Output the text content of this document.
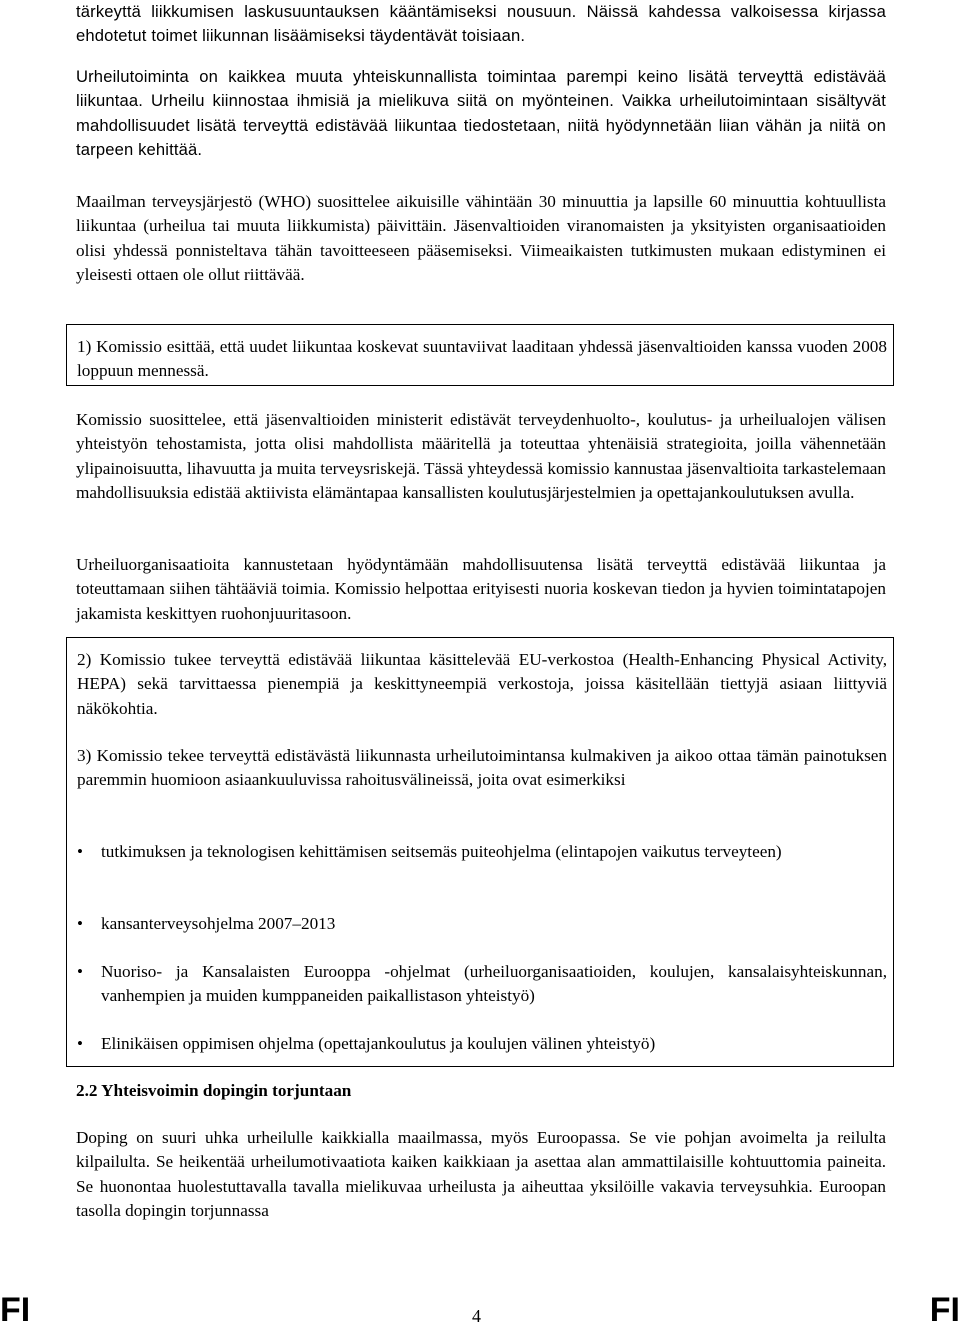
tärkeyttä liikkumisen laskusuuntauksen kääntämiseksi nousuun. Näissä kahdessa valkoisessa kirjassa ehdotetut toimet liikunnan lisäämiseksi täydentävät toisiaan.

Urheilutoiminta on kaikkea muuta yhteiskunnallista toimintaa parempi keino lisätä terveyttä edistävää liikuntaa. Urheilu kiinnostaa ihmisiä ja mielikuva siitä on myönteinen. Vaikka urheilutoimintaan sisältyvät mahdollisuudet lisätä terveyttä edistävää liikuntaa tiedostetaan, niitä hyödynnetään liian vähän ja niitä on tarpeen kehittää.

Maailman terveysjärjestö (WHO) suosittelee aikuisille vähintään 30 minuuttia ja lapsille 60 minuuttia kohtuullista liikuntaa (urheilua tai muuta liikkumista) päivittäin. Jäsenvaltioiden viranomaisten ja yksityisten organisaatioiden olisi yhdessä ponnisteltava tähän tavoitteeseen pääsemiseksi. Viimeaikaisten tutkimusten mukaan edistyminen ei yleisesti ottaen ole ollut riittävää.

1) Komissio esittää, että uudet liikuntaa koskevat suuntaviivat laaditaan yhdessä jäsenvaltioiden kanssa vuoden 2008 loppuun mennessä.

Komissio suosittelee, että jäsenvaltioiden ministerit edistävät terveydenhuolto-, koulutus- ja urheilualojen välisen yhteistyön tehostamista, jotta olisi mahdollista määritellä ja toteuttaa yhtenäisiä strategioita, joilla vähennetään ylipainoisuutta, lihavuutta ja muita terveysriskejä. Tässä yhteydessä komissio kannustaa jäsenvaltioita tarkastelemaan mahdollisuuksia edistää aktiivista elämäntapaa kansallisten koulutusjärjestelmien ja opettajankoulutuksen avulla.

Urheiluorganisaatioita kannustetaan hyödyntämään mahdollisuutensa lisätä terveyttä edistävää liikuntaa ja toteuttamaan siihen tähtääviä toimia. Komissio helpottaa erityisesti nuoria koskevan tiedon ja hyvien toimintatapojen jakamista keskittyen ruohonjuuritasoon.

2) Komissio tukee terveyttä edistävää liikuntaa käsittelevää EU-verkostoa (Health-Enhancing Physical Activity, HEPA) sekä tarvittaessa pienempiä ja keskittyneempiä verkostoja, joissa käsitellään tiettyjä asiaan liittyviä näkökohtia.
3) Komissio tekee terveyttä edistävästä liikunnasta urheilutoimintansa kulmakiven ja aikoo ottaa tämän painotuksen paremmin huomioon asiaankuuluvissa rahoitusvälineissä, joita ovat esimerkiksi
•	tutkimuksen ja teknologisen kehittämisen seitsemäs puiteohjelma (elintapojen vaikutus terveyteen)
•	kansanterveysohjelma 2007–2013
•	Nuoriso- ja Kansalaisten Eurooppa -ohjelmat (urheiluorganisaatioiden, koulujen, kansalaisyhteiskunnan, vanhempien ja muiden kumppaneiden paikallistason yhteistyö)
•	Elinikäisen oppimisen ohjelma (opettajankoulutus ja koulujen välinen yhteistyö)
2.2 Yhteisvoimin dopingin torjuntaan

Doping on suuri uhka urheilulle kaikkialla maailmassa, myös Euroopassa. Se vie pohjan avoimelta ja reilulta kilpailulta. Se heikentää urheilumotivaatiota kaiken kaikkiaan ja asettaa alan ammattilaisille kohtuuttomia paineita. Se huonontaa huolestuttavalla tavalla mielikuvaa urheilusta ja aiheuttaa yksilöille vakavia terveysuhkia. Euroopan tasolla dopingin torjunnassa

FI	4	FI
